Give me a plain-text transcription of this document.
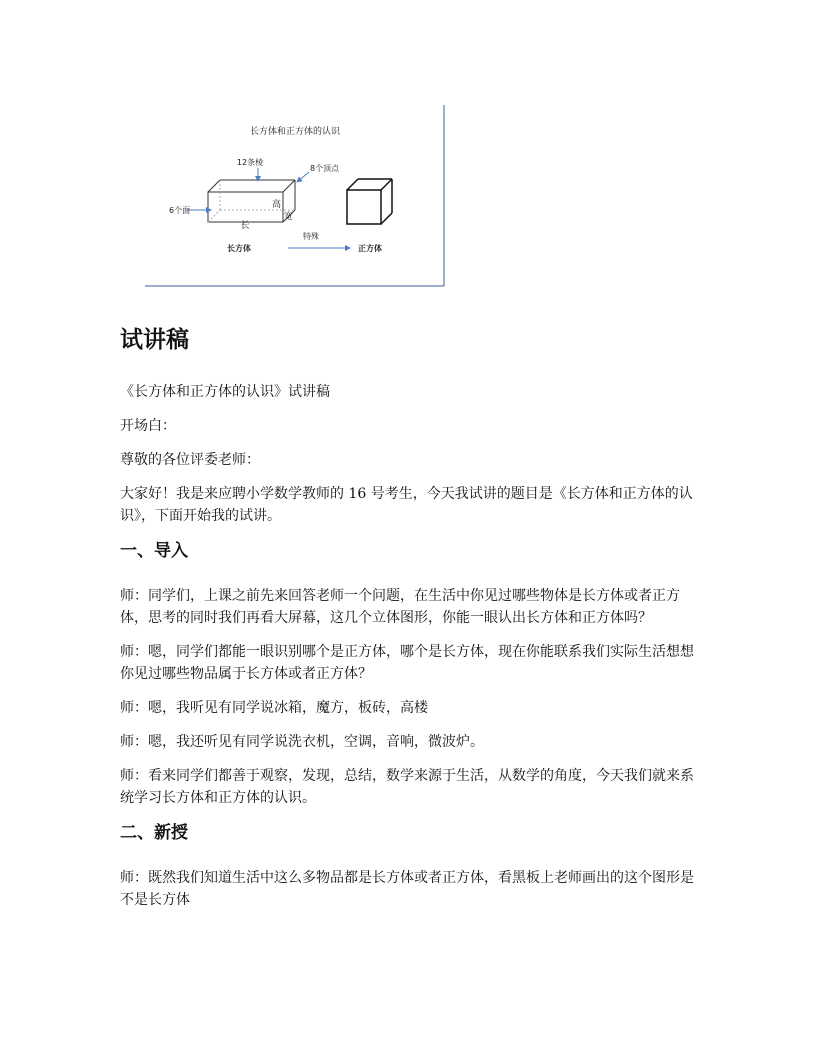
长方体和正方体的认识
12条棱
8个顶点
6个面
高
宽
长
长方体
特殊
正方体
试讲稿

《长方体和正方体的认识》试讲稿

开场白：

尊敬的各位评委老师：

大家好！我是来应聘小学数学教师的 16 号考生，今天我试讲的题目是《长方体和正方体的认识》，下面开始我的试讲。

一、导入

师：同学们，上课之前先来回答老师一个问题，在生活中你见过哪些物体是长方体或者正方体，思考的同时我们再看大屏幕，这几个立体图形，你能一眼认出长方体和正方体吗？

师：嗯，同学们都能一眼识别哪个是正方体，哪个是长方体，现在你能联系我们实际生活想想你见过哪些物品属于长方体或者正方体？

师：嗯，我听见有同学说冰箱，魔方，板砖，高楼

师：嗯，我还听见有同学说洗衣机，空调，音响，微波炉。

师：看来同学们都善于观察，发现，总结，数学来源于生活，从数学的角度，今天我们就来系统学习长方体和正方体的认识。

二、新授

师：既然我们知道生活中这么多物品都是长方体或者正方体，看黑板上老师画出的这个图形是不是长方体
